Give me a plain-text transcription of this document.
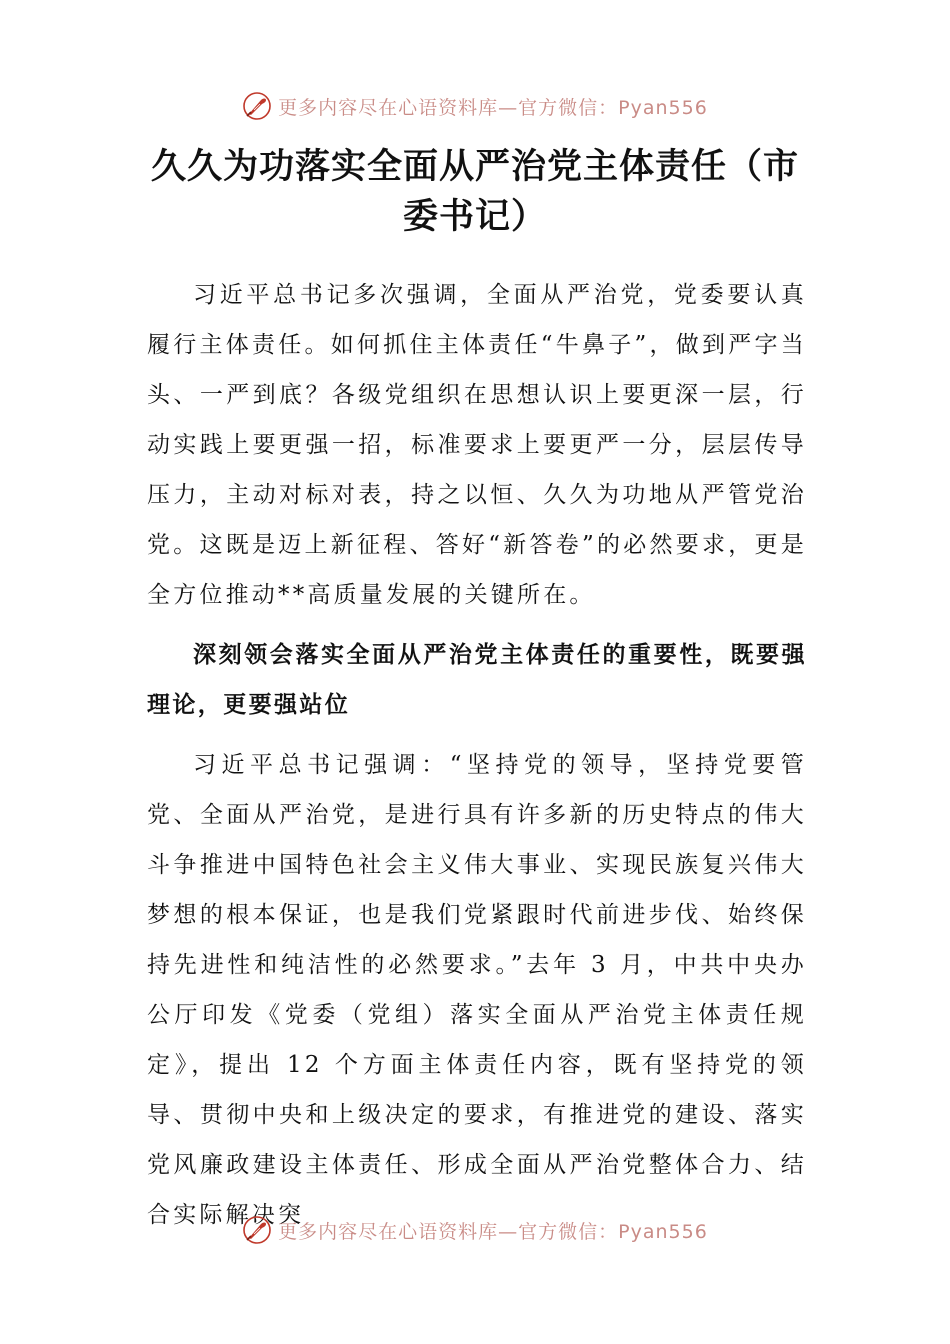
更多内容尽在心语资料库—官方微信：Pyan556
久久为功落实全面从严治党主体责任（市委书记）

习近平总书记多次强调，全面从严治党，党委要认真履行主体责任。如何抓住主体责任“牛鼻子”，做到严字当头、一严到底？各级党组织在思想认识上要更深一层，行动实践上要更强一招，标准要求上要更严一分，层层传导压力，主动对标对表，持之以恒、久久为功地从严管党治党。这既是迈上新征程、答好“新答卷”的必然要求，更是全方位推动**高质量发展的关键所在。

深刻领会落实全面从严治党主体责任的重要性，既要强理论，更要强站位

习近平总书记强调：“坚持党的领导，坚持党要管党、全面从严治党，是进行具有许多新的历史特点的伟大斗争推进中国特色社会主义伟大事业、实现民族复兴伟大梦想的根本保证，也是我们党紧跟时代前进步伐、始终保持先进性和纯洁性的必然要求。”去年 3 月，中共中央办公厅印发《党委（党组）落实全面从严治党主体责任规定》，提出 12 个方面主体责任内容，既有坚持党的领导、贯彻中央和上级决定的要求，有推进党的建设、落实党风廉政建设主体责任、形成全面从严治党整体合力、结合实际解决突

更多内容尽在心语资料库—官方微信：Pyan556
